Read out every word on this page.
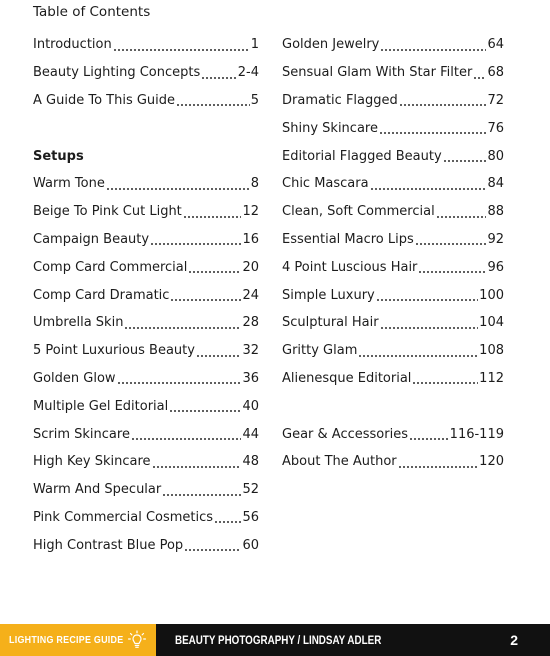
Table of Contents
Introduction	1
Beauty Lighting Concepts	2-4
A Guide To This Guide	5
Setups
Warm Tone	8
Beige To Pink Cut Light	12
Campaign Beauty	16
Comp Card Commercial	20
Comp Card Dramatic	24
Umbrella Skin	28
5 Point Luxurious Beauty	32
Golden Glow	36
Multiple Gel Editorial	40
Scrim Skincare	44
High Key Skincare	48
Warm And Specular	52
Pink Commercial Cosmetics 56
High Contrast Blue Pop	60
Golden Jewelry	64
Sensual Glam With Star Filter 68
Dramatic Flagged	72
Shiny Skincare	76
Editorial Flagged Beauty	80
Chic Mascara	84
Clean, Soft Commercial	88
Essential Macro Lips	92
4 Point Luscious Hair	96
Simple Luxury	100
Sculptural Hair	104
Gritty Glam	108
Alienesque Editorial	112
Gear & Accessories	116-119
About The Author	120
LIGHTING RECIPE GUIDE	BEAUTY PHOTOGRAPHY / LINDSAY ADLER	2
